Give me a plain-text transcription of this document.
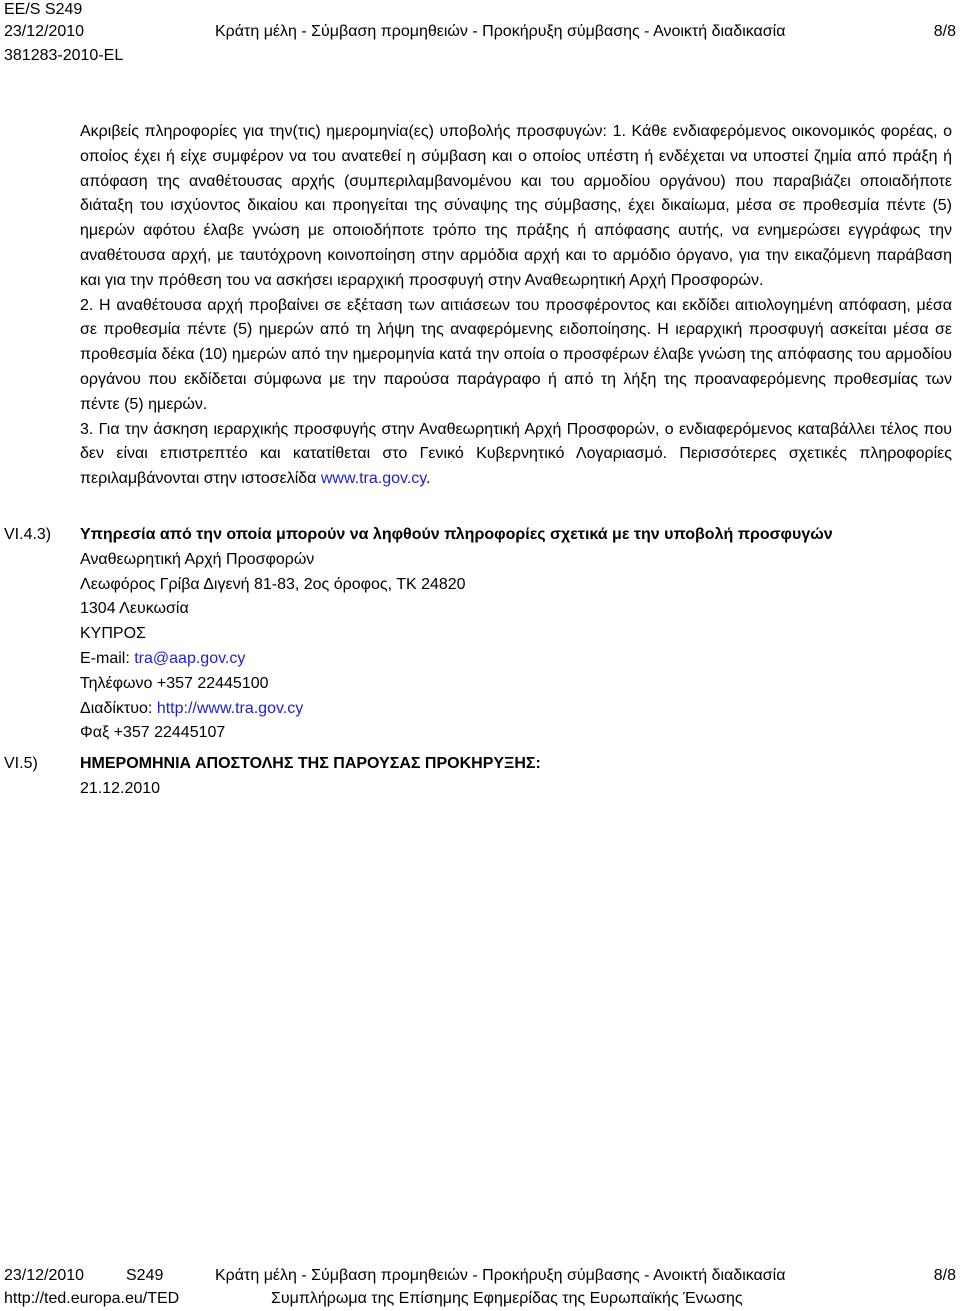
EE/S S249
23/12/2010	Κράτη μέλη - Σύμβαση προμηθειών - Προκήρυξη σύμβασης - Ανοικτή διαδικασία	8/8
381283-2010-EL

Ακριβείς πληροφορίες για την(τις) ημερομηνία(ες) υποβολής προσφυγών: 1. Κάθε ενδιαφερόμενος οικονομικός φορέας, ο οποίος έχει ή είχε συμφέρον να του ανατεθεί η σύμβαση και ο οποίος υπέστη ή ενδέχεται να υποστεί ζημία από πράξη ή απόφαση της αναθέτουσας αρχής (συμπεριλαμβανομένου και του αρμοδίου οργάνου) που παραβιάζει οποιαδήποτε διάταξη του ισχύοντος δικαίου και προηγείται της σύναψης της σύμβασης, έχει δικαίωμα, μέσα σε προθεσμία πέντε (5) ημερών αφότου έλαβε γνώση με οποιοδήποτε τρόπο της πράξης ή απόφασης αυτής, να ενημερώσει εγγράφως την αναθέτουσα αρχή, με ταυτόχρονη κοινοποίηση στην αρμόδια αρχή και το αρμόδιο όργανο, για την εικαζόμενη παράβαση και για την πρόθεση του να ασκήσει ιεραρχική προσφυγή στην Αναθεωρητική Αρχή Προσφορών.

2. Η αναθέτουσα αρχή προβαίνει σε εξέταση των αιτιάσεων του προσφέροντος και εκδίδει αιτιολογημένη απόφαση, μέσα σε προθεσμία πέντε (5) ημερών από τη λήψη της αναφερόμενης ειδοποίησης. Η ιεραρχική προσφυγή ασκείται μέσα σε προθεσμία δέκα (10) ημερών από την ημερομηνία κατά την οποία ο προσφέρων έλαβε γνώση της απόφασης του αρμοδίου οργάνου που εκδίδεται σύμφωνα με την παρούσα παράγραφο ή από τη λήξη της προαναφερόμενης προθεσμίας των πέντε (5) ημερών.

3. Για την άσκηση ιεραρχικής προσφυγής στην Αναθεωρητική Αρχή Προσφορών, ο ενδιαφερόμενος καταβάλλει τέλος που δεν είναι επιστρεπτέο και κατατίθεται στο Γενικό Κυβερνητικό Λογαριασμό. Περισσότερες σχετικές πληροφορίες περιλαμβάνονται στην ιστοσελίδα www.tra.gov.cy.

VI.4.3) Υπηρεσία από την οποία μπορούν να ληφθούν πληροφορίες σχετικά με την υποβολή προσφυγών
Αναθεωρητική Αρχή Προσφορών
Λεωφόρος Γρίβα Διγενή 81-83, 2ος όροφος, ΤΚ 24820
1304 Λευκωσία
ΚΥΠΡΟΣ
E-mail: tra@aap.gov.cy
Τηλέφωνο +357 22445100
Διαδίκτυο: http://www.tra.gov.cy
Φαξ +357 22445107
VI.5)	ΗΜΕΡΟΜΗΝΙΑ ΑΠΟΣΤΟΛΗΣ ΤΗΣ ΠΑΡΟΥΣΑΣ ΠΡΟΚΗΡΥΞΗΣ:
21.12.2010
23/12/2010	S249	Κράτη μέλη - Σύμβαση προμηθειών - Προκήρυξη σύμβασης - Ανοικτή διαδικασία	8/8
http://ted.europa.eu/TED	Συμπλήρωμα της Επίσημης Εφημερίδας της Ευρωπαϊκής Ένωσης
